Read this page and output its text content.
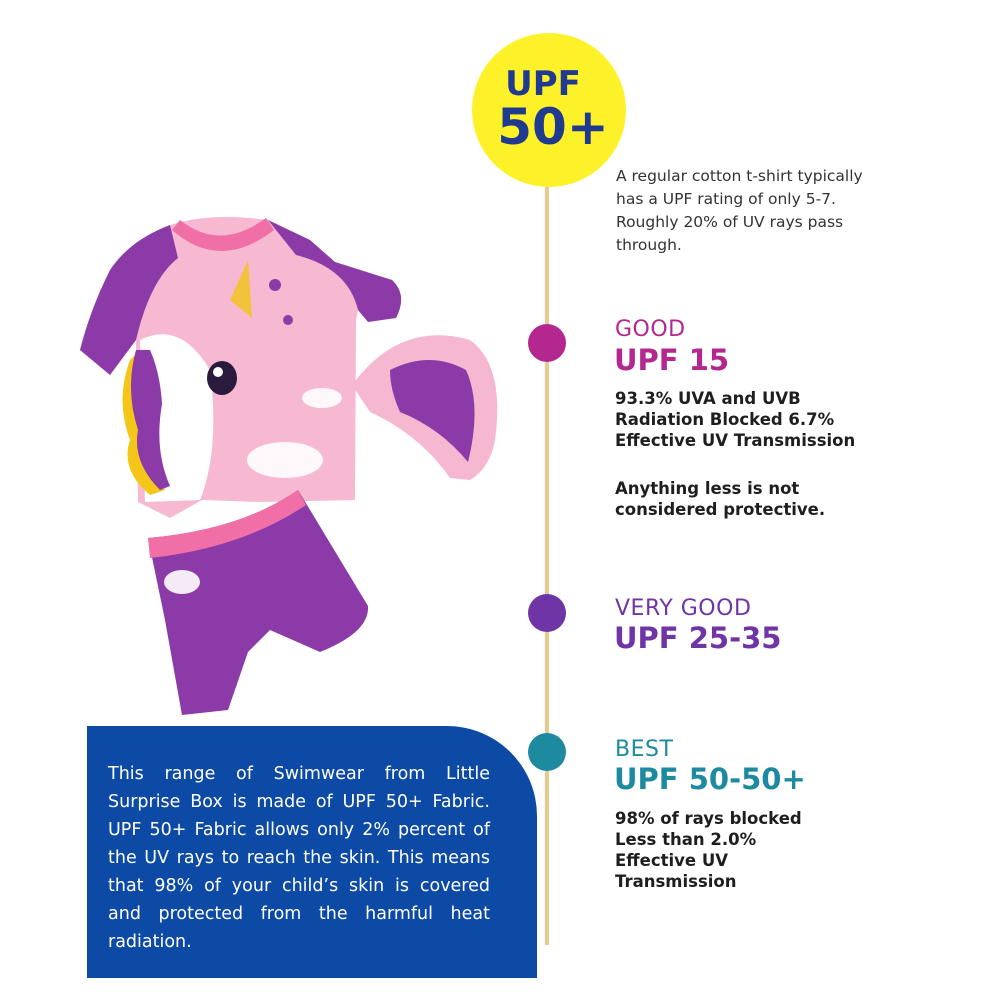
UPF
50+
A regular cotton t-shirt typically has a UPF rating of only 5-7. Roughly 20% of UV rays pass through.
GOOD
UPF 15
93.3% UVA and UVB Radiation Blocked 6.7% Effective UV Transmission
Anything less is not considered protective.
VERY GOOD
UPF 25-35
BEST
UPF 50-50+
98% of rays blocked Less than 2.0% Effective UV Transmission
This range of Swimwear from Little Surprise Box is made of UPF 50+ Fabric. UPF 50+ Fabric allows only 2% percent of the UV rays to reach the skin. This means that 98% of your child’s skin is covered and protected from the harmful heat radiation.
